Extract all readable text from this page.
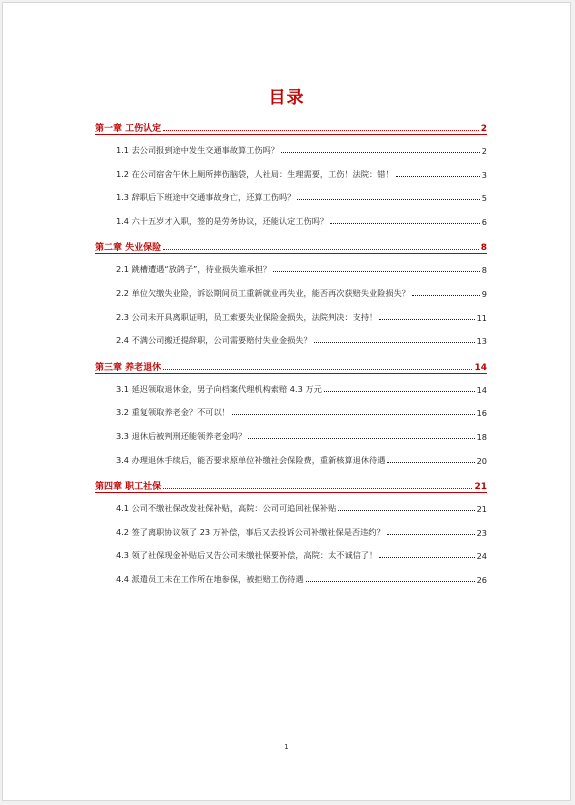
目录
第一章 工伤认定	2
1.1 去公司报到途中发生交通事故算工伤吗？	2
1.2 在公司宿舍午休上厕所摔伤脑袋，人社局：生理需要，工伤！法院：错！	3
1.3 辞职后下班途中交通事故身亡，还算工伤吗？	5
1.4 六十五岁才入职，签的是劳务协议，还能认定工伤吗？	6
第二章 失业保险	8
2.1 跳槽遭遇“放鸽子”，待业损失谁承担？	8
2.2 单位欠缴失业险，诉讼期间员工重新就业再失业，能否再次获赔失业险损失？	9
2.3 公司未开具离职证明，员工索要失业保险金损失，法院判决：支持！	11
2.4 不满公司搬迁提辞职，公司需要赔付失业金损失？	13
第三章 养老退休	14
3.1 延迟领取退休金，男子向档案代理机构索赔 4.3 万元	14
3.2 重复领取养老金？不可以！	16
3.3 退休后被判刑还能领养老金吗？	18
3.4 办理退休手续后，能否要求原单位补缴社会保险费，重新核算退休待遇	20
第四章 职工社保	21
4.1 公司不缴社保改发社保补贴，高院：公司可追回社保补贴	21
4.2 签了离职协议领了 23 万补偿，事后又去投诉公司补缴社保是否违约？	23
4.3 领了社保现金补贴后又告公司未缴社保要补偿，高院：太不诚信了！	24
4.4 派遣员工未在工作所在地参保，被拒赔工伤待遇	26
1
